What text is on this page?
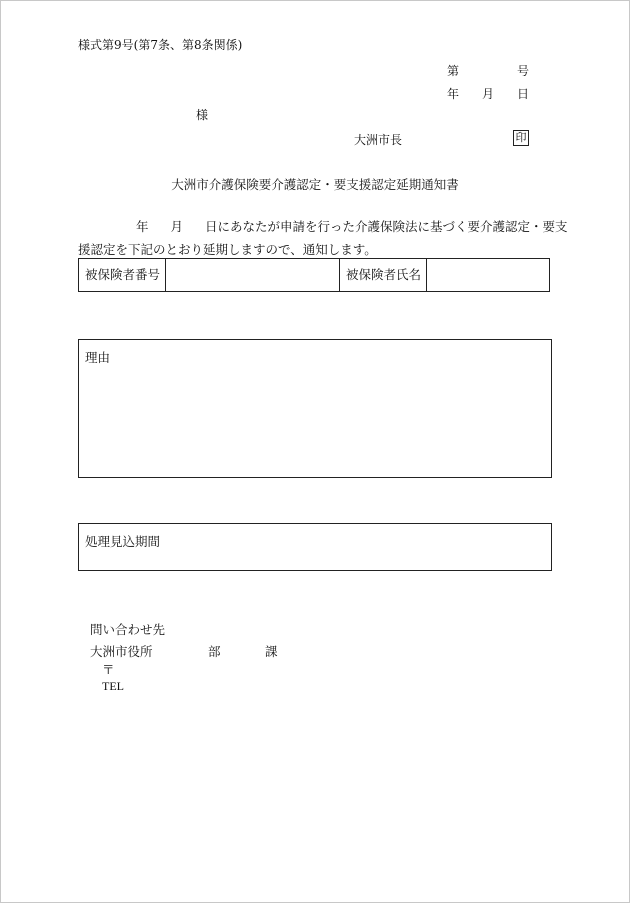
様式第9号(第7条、第8条関係)
第	号
年 月 日
様
大洲市長	印
大洲市介護保険要介護認定・要支援認定延期通知書
年 月 日にあなたが申請を行った介護保険法に基づく要介護認定・要支
援認定を下記のとおり延期しますので、通知します。
被保険者番号	被保険者氏名
理由
処理見込期間
問い合わせ先
大洲市役所	部	課
〒
TEL
